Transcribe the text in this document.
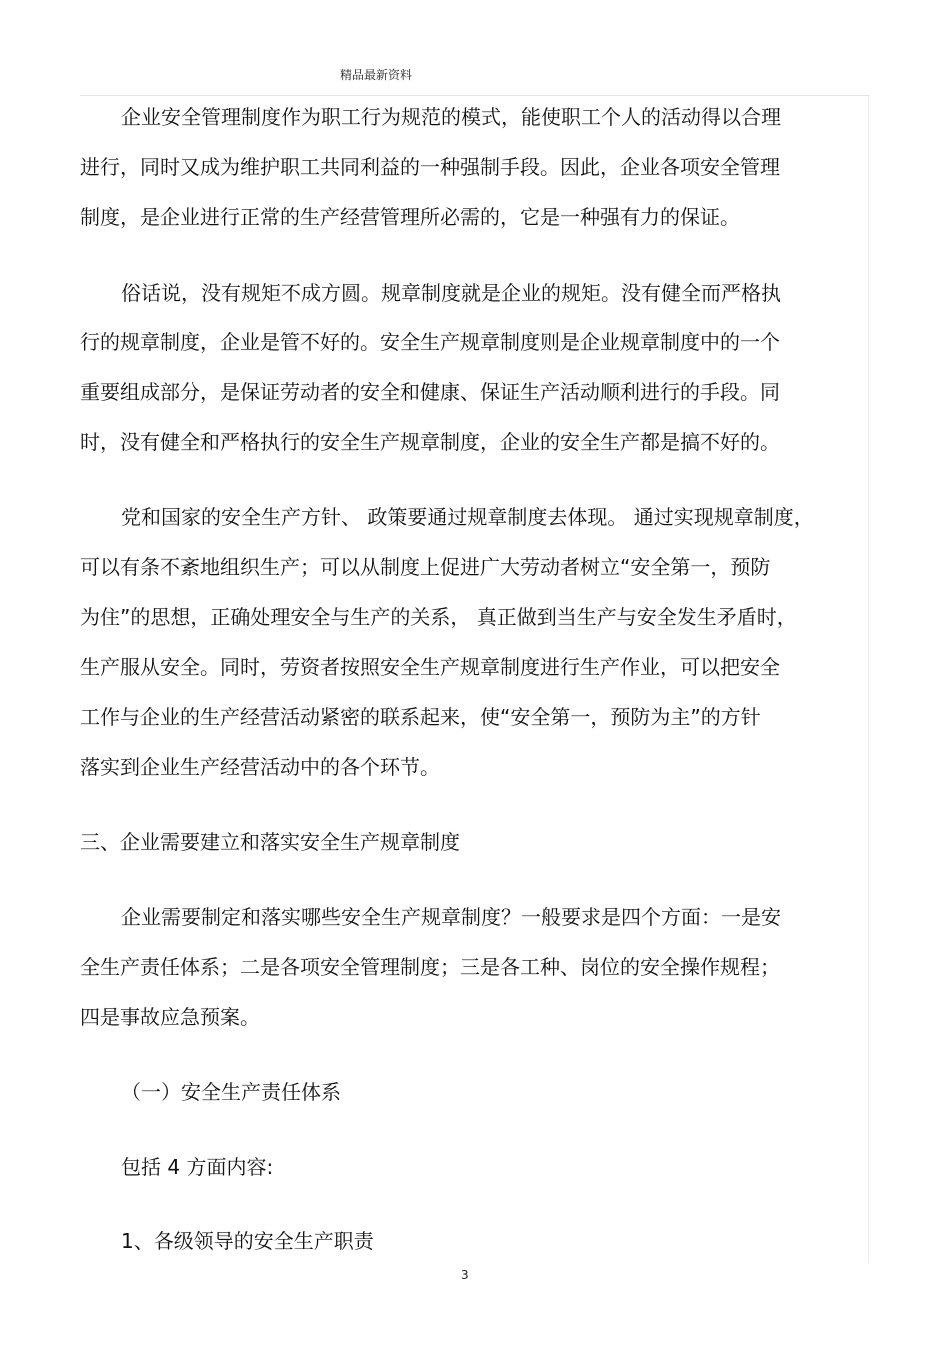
精品最新资料
企业安全管理制度作为职工行为规范的模式，能使职工个人的活动得以合理
进行，同时又成为维护职工共同利益的一种强制手段。因此，企业各项安全管理
制度，是企业进行正常的生产经营管理所必需的，它是一种强有力的保证。
俗话说，没有规矩不成方圆。规章制度就是企业的规矩。没有健全而严格执
行的规章制度，企业是管不好的。安全生产规章制度则是企业规章制度中的一个
重要组成部分，是保证劳动者的安全和健康、保证生产活动顺利进行的手段。同
时，没有健全和严格执行的安全生产规章制度，企业的安全生产都是搞不好的。
党和国家的安全生产方针、 政策要通过规章制度去体现。 通过实现规章制度，
可以有条不紊地组织生产；可以从制度上促进广大劳动者树立“安全第一，预防
为住”的思想，正确处理安全与生产的关系， 真正做到当生产与安全发生矛盾时，
生产服从安全。同时，劳资者按照安全生产规章制度进行生产作业，可以把安全
工作与企业的生产经营活动紧密的联系起来，使“安全第一，预防为主”的方针
落实到企业生产经营活动中的各个环节。
三、企业需要建立和落实安全生产规章制度
企业需要制定和落实哪些安全生产规章制度？一般要求是四个方面：一是安
全生产责任体系；二是各项安全管理制度；三是各工种、岗位的安全操作规程；
四是事故应急预案。
（一）安全生产责任体系
包括 4 方面内容:
1、各级领导的安全生产职责
3
